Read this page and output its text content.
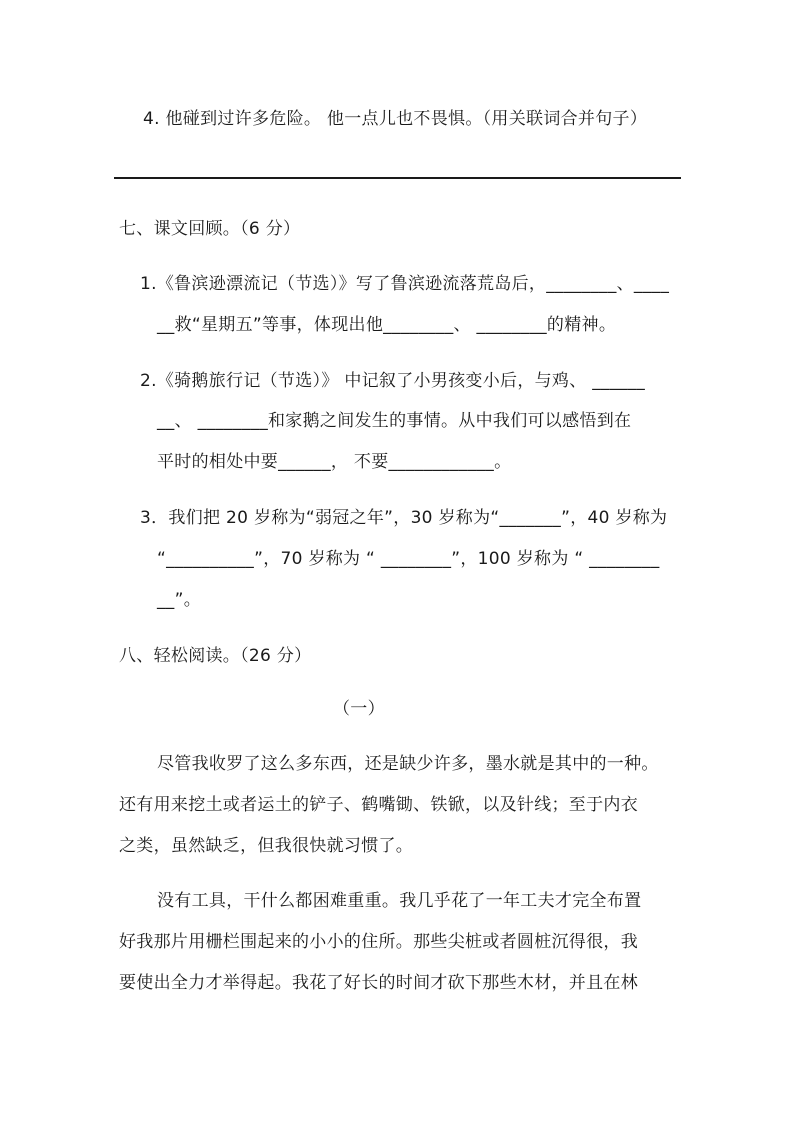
4. 他碰到过许多危险。 他一点儿也不畏惧。（用关联词合并句子）
七、课文回顾。（6 分）
1.《鲁滨逊漂流记（节选）》写了鲁滨逊流落荒岛后，________、____
__救“星期五”等事，体现出他________、 ________的精神。
2.《骑鹅旅行记（节选）》 中记叙了小男孩变小后，与鸡、 ______
__、 ________和家鹅之间发生的事情。从中我们可以感悟到在
平时的相处中要______， 不要____________。
3．我们把 20 岁称为“弱冠之年”，30 岁称为“_______”，40 岁称为
“__________”，70 岁称为 “ ________”，100 岁称为 “ ________
__”。
八、轻松阅读。（26 分）
（一）
尽管我收罗了这么多东西，还是缺少许多，墨水就是其中的一种。
还有用来挖土或者运土的铲子、鹤嘴锄、铁锨，以及针线；至于内衣
之类，虽然缺乏，但我很快就习惯了。
没有工具，干什么都困难重重。我几乎花了一年工夫才完全布置
好我那片用栅栏围起来的小小的住所。那些尖桩或者圆桩沉得很，我
要使出全力才举得起。我花了好长的时间才砍下那些木材，并且在林
